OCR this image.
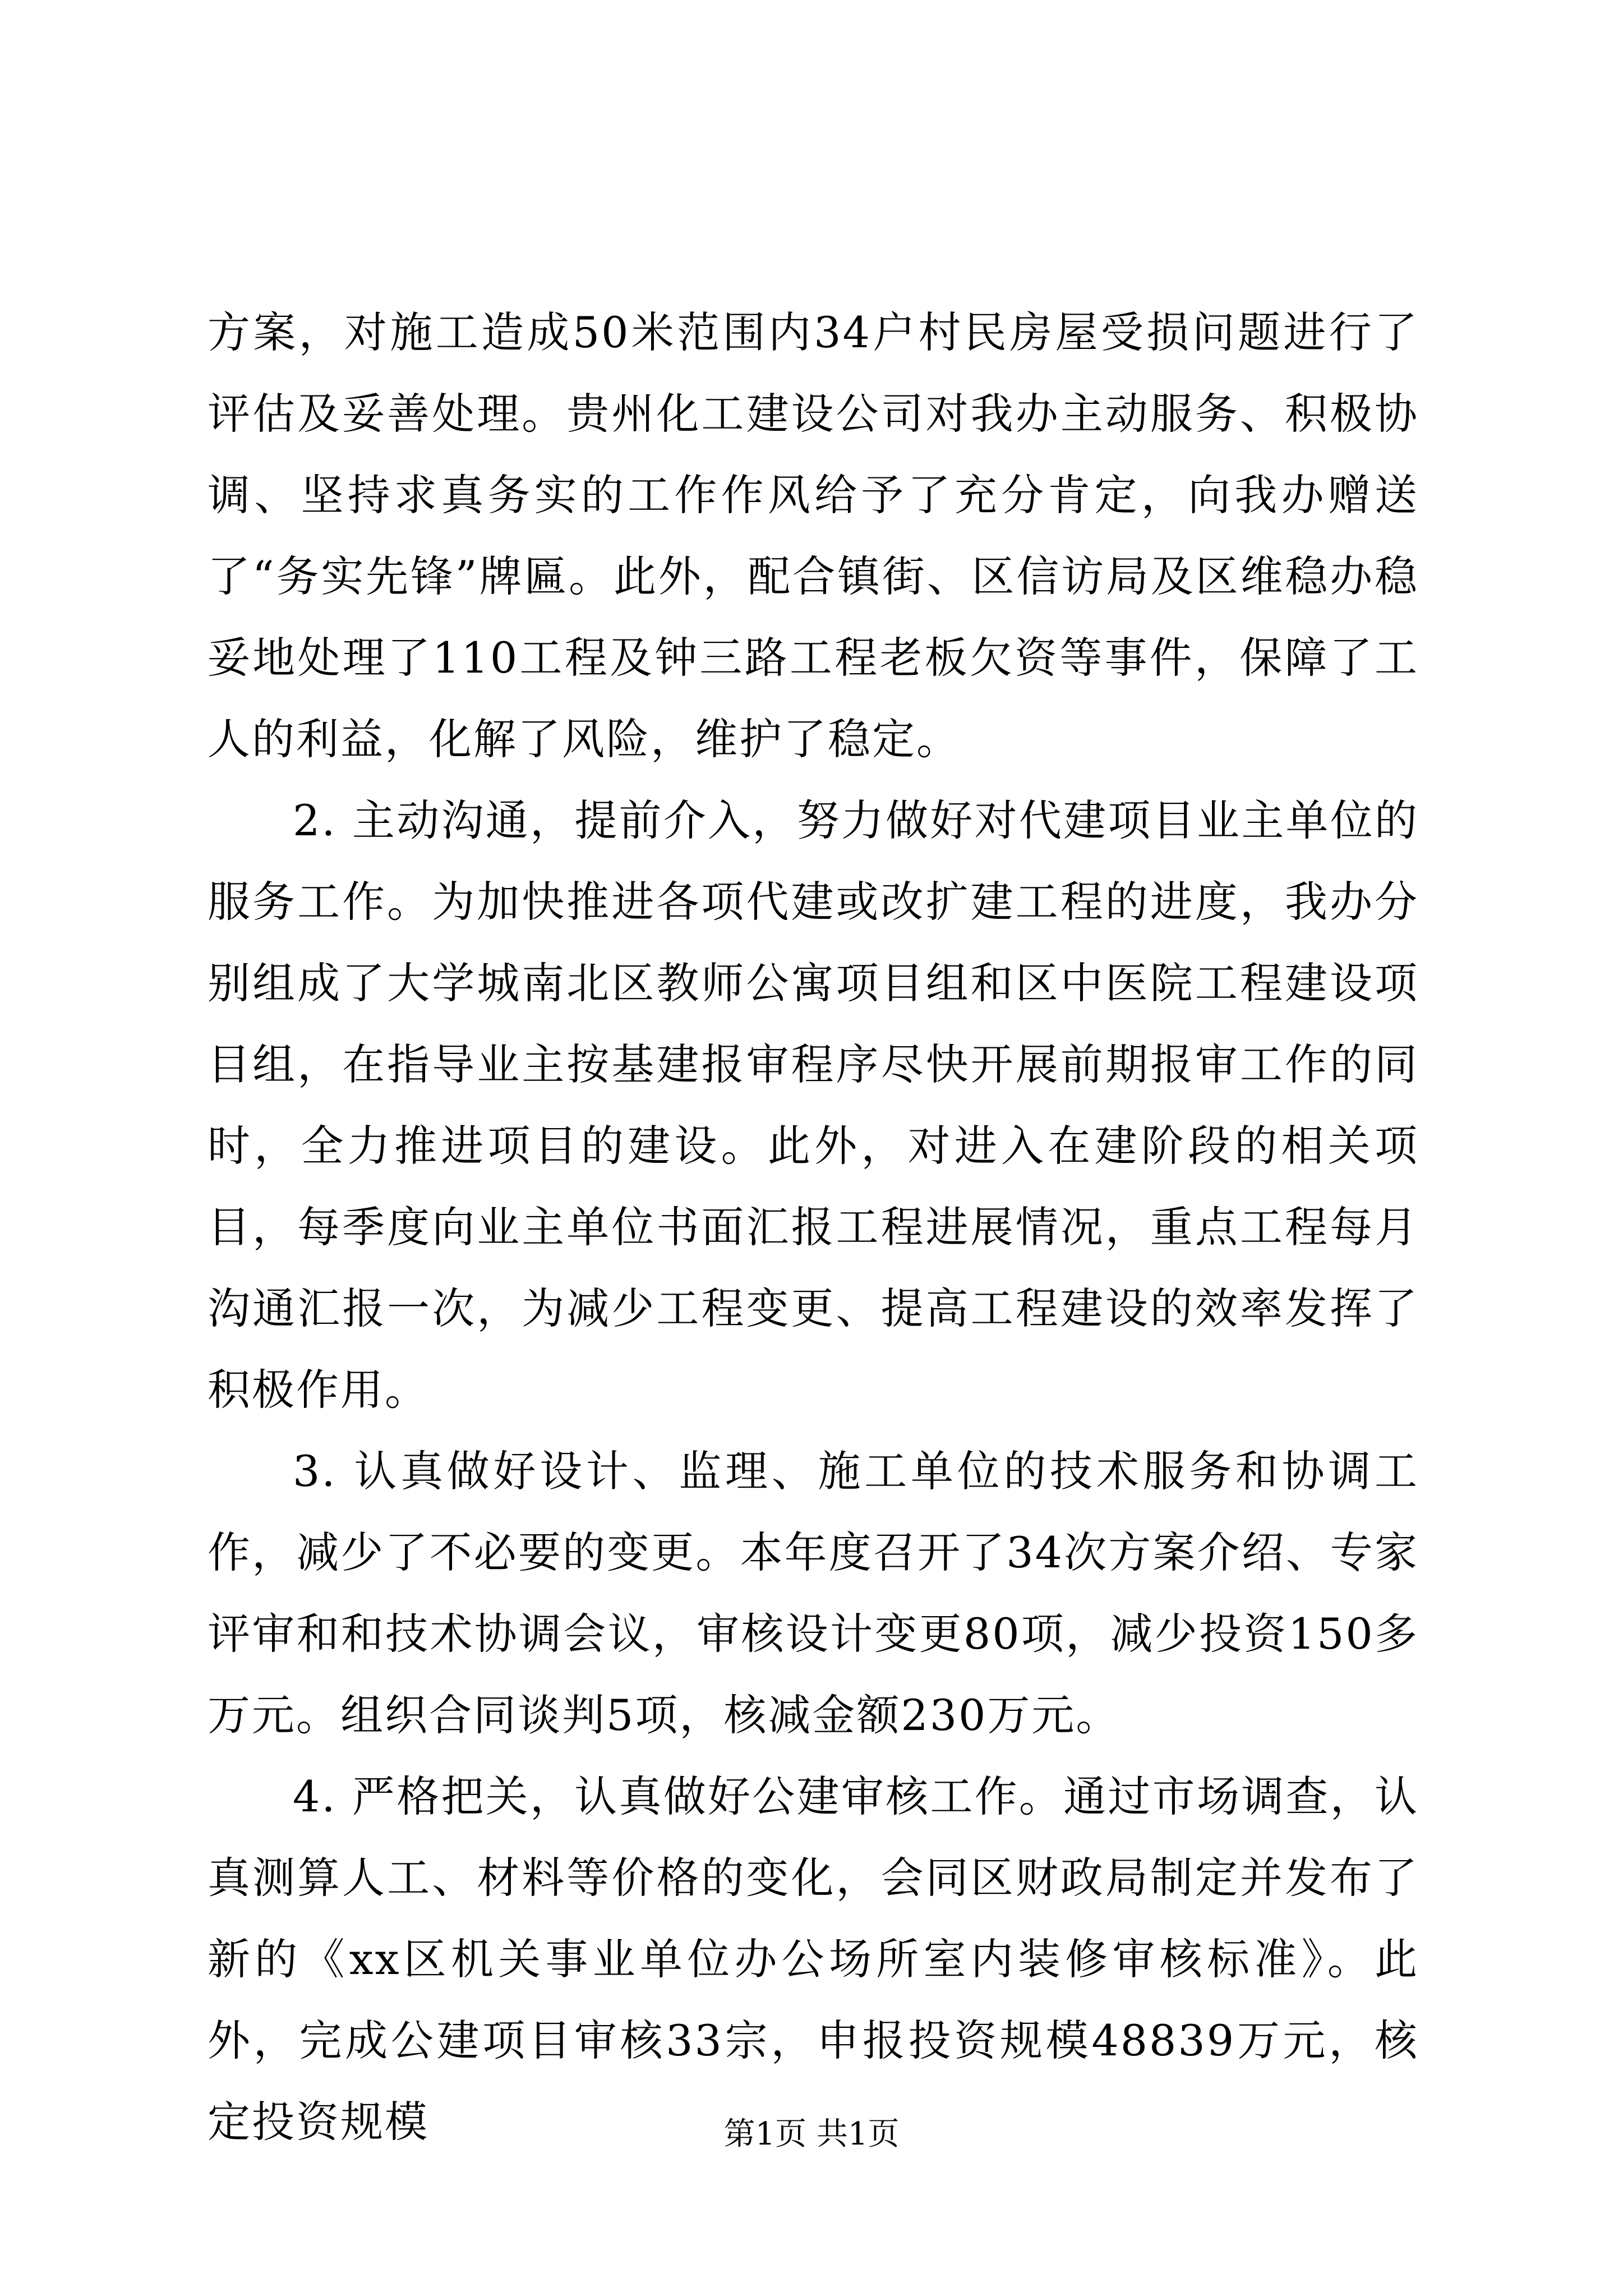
方案，对施工造成50米范围内34户村民房屋受损问题进行了评估及妥善处理。贵州化工建设公司对我办主动服务、积极协调、坚持求真务实的工作作风给予了充分肯定，向我办赠送了“务实先锋”牌匾。此外，配合镇街、区信访局及区维稳办稳妥地处理了110工程及钟三路工程老板欠资等事件，保障了工人的利益，化解了风险，维护了稳定。

2. 主动沟通，提前介入，努力做好对代建项目业主单位的服务工作。为加快推进各项代建或改扩建工程的进度，我办分别组成了大学城南北区教师公寓项目组和区中医院工程建设项目组，在指导业主按基建报审程序尽快开展前期报审工作的同时，全力推进项目的建设。此外，对进入在建阶段的相关项目，每季度向业主单位书面汇报工程进展情况，重点工程每月沟通汇报一次，为减少工程变更、提高工程建设的效率发挥了积极作用。

3. 认真做好设计、监理、施工单位的技术服务和协调工作，减少了不必要的变更。本年度召开了34次方案介绍、专家评审和和技术协调会议，审核设计变更80项，减少投资150多万元。组织合同谈判5项，核减金额230万元。

4. 严格把关，认真做好公建审核工作。通过市场调查，认真测算人工、材料等价格的变化，会同区财政局制定并发布了新的《xx区机关事业单位办公场所室内装修审核标准》。此外，完成公建项目审核33宗，申报投资规模48839万元，核定投资规模	第1页 共1页
